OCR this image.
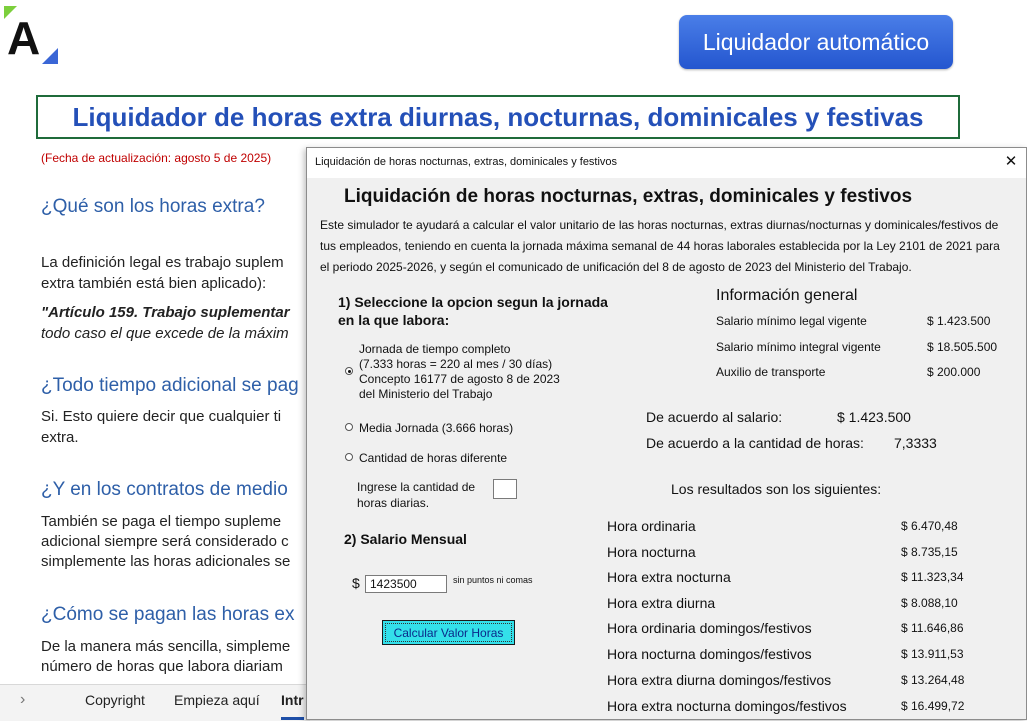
A	Liquidador automático
Liquidador de horas extra diurnas, nocturnas, dominicales y festivas
(Fecha de actualización: agosto 5 de 2025)
¿Qué son los horas extra?
La definición legal es trabajo suplem
extra también está bien aplicado):
"Artículo 159. Trabajo suplementar
todo caso el que excede de la máxim
¿Todo tiempo adicional se pag
Si. Esto quiere decir que cualquier ti
extra.
¿Y en los contratos de medio
También se paga el tiempo supleme
adicional siempre será considerado c
simplemente las horas adicionales se
¿Cómo se pagan las horas ex
De la manera más sencilla, simpleme
número de horas que labora diariam
›	Copyright Empieza aquí Intr
Liquidación de horas nocturnas, extras, dominicales y festivos	✕
Liquidación de horas nocturnas, extras, dominicales y festivos
Este simulador te ayudará a calcular el valor unitario de las horas nocturnas, extras diurnas/nocturnas y dominicales/festivos de tus empleados, teniendo en cuenta la jornada máxima semanal de 44 horas laborales establecida por la Ley 2101 de 2021 para el periodo 2025-2026, y según el comunicado de unificación del 8 de agosto de 2023 del Ministerio del Trabajo.
1) Seleccione la opcion segun la jornada
en la que labora:
Jornada de tiempo completo
(7.333 horas = 220 al mes / 30 días)
Concepto 16177 de agosto 8 de 2023
del Ministerio del Trabajo
Media Jornada (3.666 horas)
Cantidad de horas diferente
Ingrese la cantidad de
horas diarias.
2) Salario Mensual
$
1423500	sin puntos ni comas
Información general
Salario mínimo legal vigente	$ 1.423.500
Salario mínimo integral vigente	$ 18.505.500
Auxilio de transporte	$ 200.000
De acuerdo al salario:	$ 1.423.500
De acuerdo a la cantidad de horas: 7,3333
Los resultados son los siguientes:
Hora ordinaria	$ 6.470,48
Hora nocturna	$ 8.735,15
Hora extra nocturna	$ 11.323,34
Hora extra diurna	$ 8.088,10
Hora ordinaria domingos/festivos	$ 11.646,86
Hora nocturna domingos/festivos	$ 13.911,53
Hora extra diurna domingos/festivos	$ 13.264,48
Hora extra nocturna domingos/festivos	$ 16.499,72
Calcular Valor Horas
